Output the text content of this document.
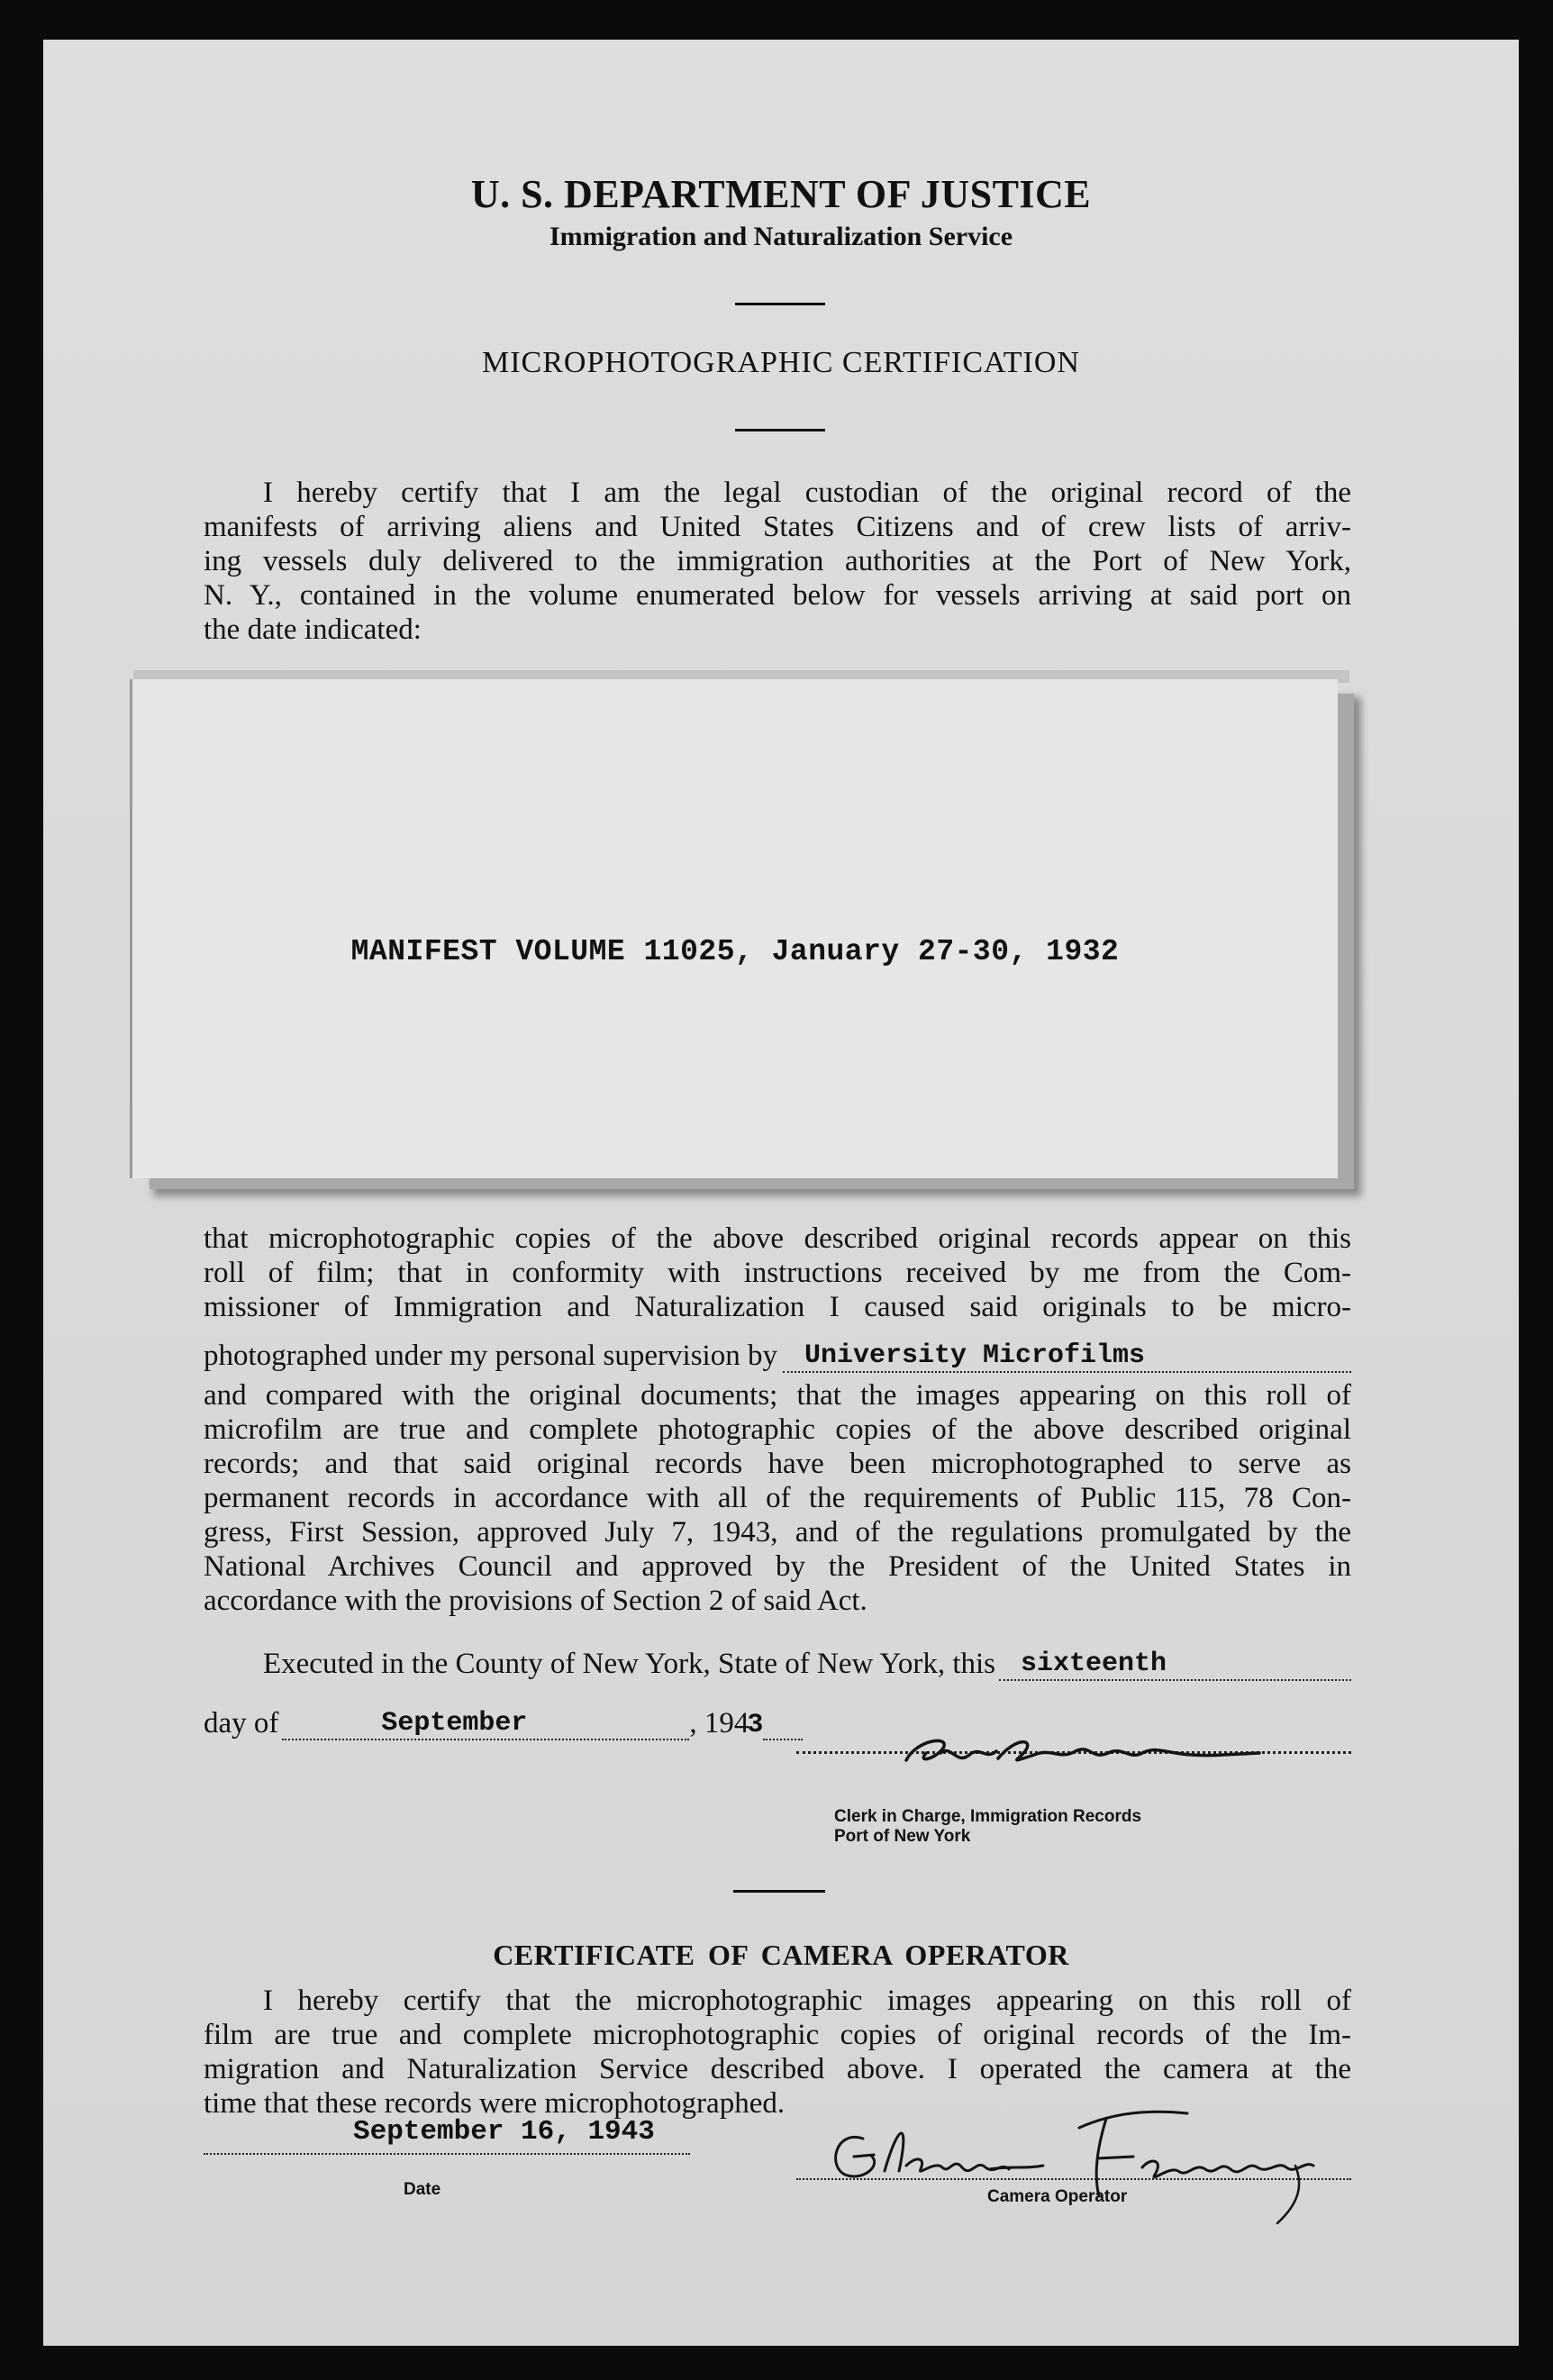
U. S. DEPARTMENT OF JUSTICE
Immigration and Naturalization Service
MICROPHOTOGRAPHIC CERTIFICATION
I hereby certify that I am the legal custodian of the original record of the
manifests of arriving aliens and United States Citizens and of crew lists of arriv-
ing vessels duly delivered to the immigration authorities at the Port of New York,
N. Y., contained in the volume enumerated below for vessels arriving at said port on
the date indicated:
MANIFEST VOLUME 11025, January 27-30, 1932
that microphotographic copies of the above described original records appear on this
roll of film; that in conformity with instructions received by me from the Com-
missioner of Immigration and Naturalization I caused said originals to be micro-
photographed under my personal supervision by University Microfilms
and compared with the original documents; that the images appearing on this roll of
microfilm are true and complete photographic copies of the above described original
records; and that said original records have been microphotographed to serve as
permanent records in accordance with all of the requirements of Public 115, 78 Con-
gress, First Session, approved July 7, 1943, and of the regulations promulgated by the
National Archives Council and approved by the President of the United States in
accordance with the provisions of Section 2 of said Act.
Executed in the County of New York, State of New York, this sixteenth
day of	September	, 194
3
Clerk in Charge, Immigration Records
Port of New York
CERTIFICATE OF CAMERA OPERATOR
I hereby certify that the microphotographic images appearing on this roll of
film are true and complete microphotographic copies of original records of the Im-
migration and Naturalization Service described above. I operated the camera at the
time that these records were microphotographed.
September 16, 1943
Date	Camera Operator
